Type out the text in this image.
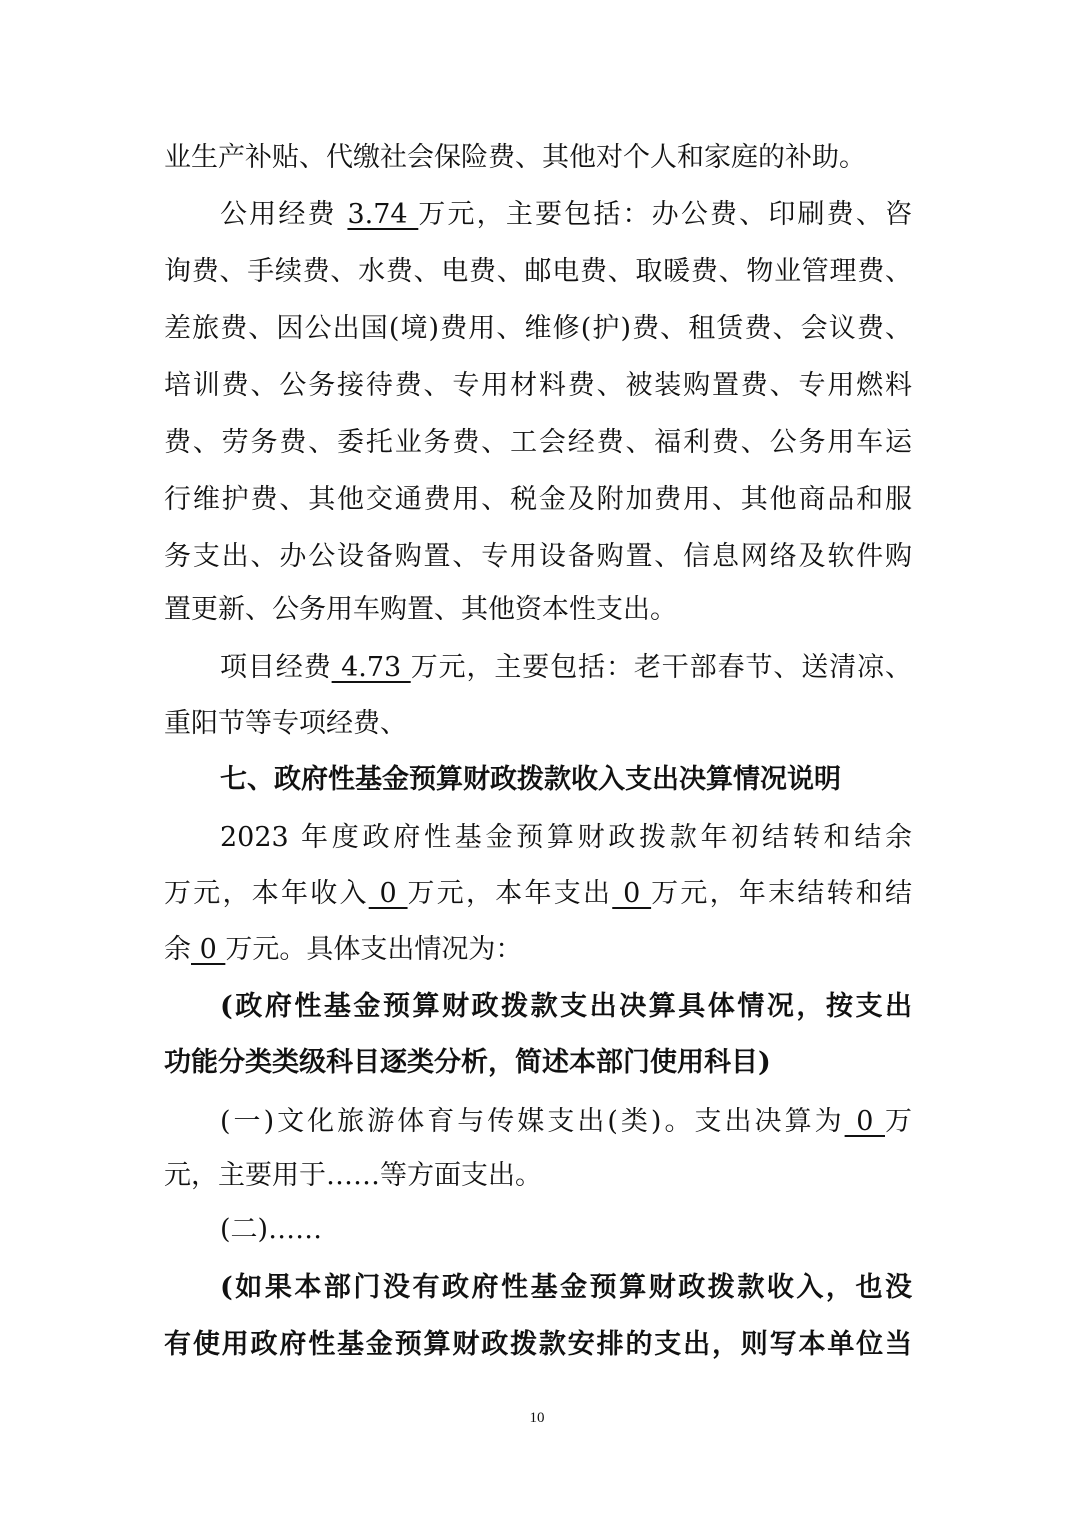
业生产补贴、代缴社会保险费、其他对个人和家庭的补助。
公用经费 3.74 万元，主要包括：办公费、印刷费、咨
询费、手续费、水费、电费、邮电费、取暖费、物业管理费、
差旅费、因公出国(境)费用、维修(护)费、租赁费、会议费、
培训费、公务接待费、专用材料费、被装购置费、专用燃料
费、劳务费、委托业务费、工会经费、福利费、公务用车运
行维护费、其他交通费用、税金及附加费用、其他商品和服
务支出、办公设备购置、专用设备购置、信息网络及软件购
置更新、公务用车购置、其他资本性支出。
项目经费 4.73 万元，主要包括：老干部春节、送清凉、
重阳节等专项经费、
七、政府性基金预算财政拨款收入支出决算情况说明
2023 年度政府性基金预算财政拨款年初结转和结余
万元，本年收入 0 万元，本年支出 0 万元，年末结转和结
余 0 万元。具体支出情况为：
(政府性基金预算财政拨款支出决算具体情况，按支出
功能分类类级科目逐类分析，简述本部门使用科目)
(一)文化旅游体育与传媒支出(类)。支出决算为 0 万
元，主要用于……等方面支出。
(二)……
(如果本部门没有政府性基金预算财政拨款收入，也没
有使用政府性基金预算财政拨款安排的支出，则写本单位当
10
